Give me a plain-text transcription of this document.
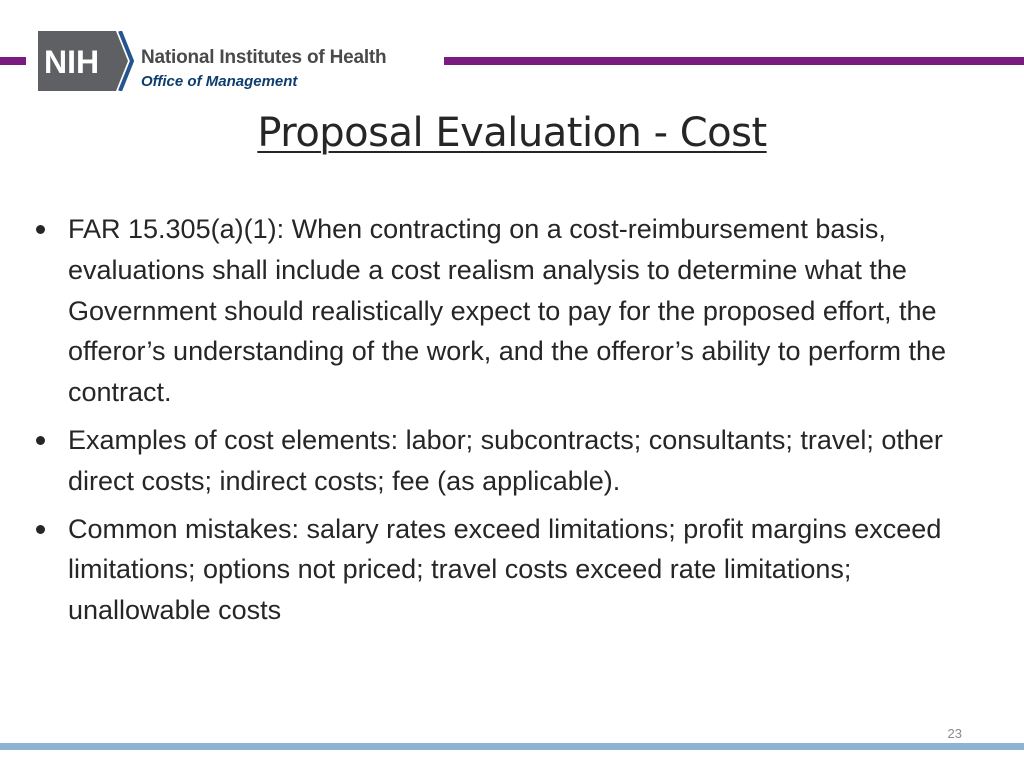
NIH National Institutes of Health
Office of Management
Proposal Evaluation - Cost
FAR 15.305(a)(1): When contracting on a cost-reimbursement basis, evaluations shall include a cost realism analysis to determine what the Government should realistically expect to pay for the proposed effort, the offeror’s understanding of the work, and the offeror’s ability to perform the contract.
Examples of cost elements: labor; subcontracts; consultants; travel; other direct costs; indirect costs; fee (as applicable).
Common mistakes: salary rates exceed limitations; profit margins exceed limitations; options not priced; travel costs exceed rate limitations; unallowable costs
23
